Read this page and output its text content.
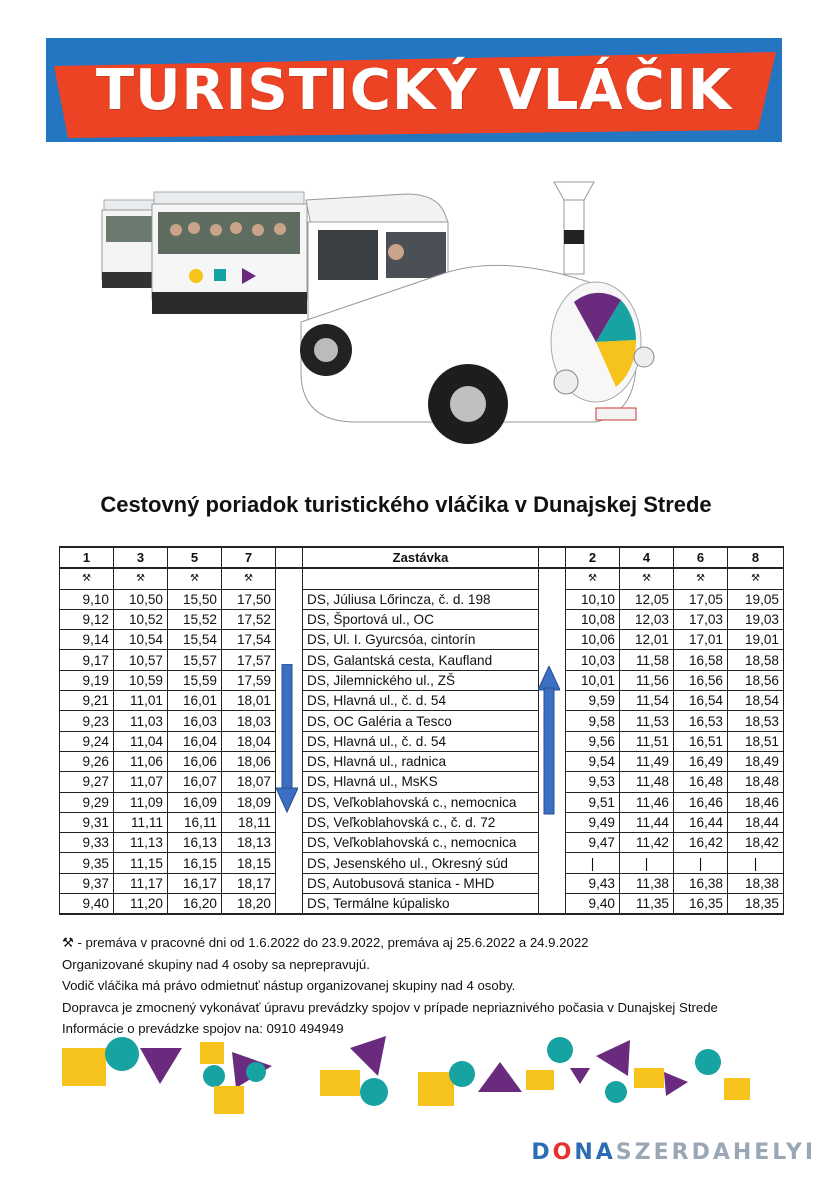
TURISTICKÝ VLÁČIK
Cestovný poriadok turistického vláčika v Dunajskej Strede
1	3	5	7		Zastávka		2	4	6	8
⚒	⚒	⚒	⚒				⚒	⚒	⚒	⚒
9,10	10,50	15,50	17,50		DS, Júliusa Lőrincza, č. d. 198		10,10	12,05	17,05	19,05
9,12	10,52	15,52	17,52		DS, Športová ul., OC		10,08	12,03	17,03	19,03
9,14	10,54	15,54	17,54		DS, Ul. I. Gyurcsóa, cintorín		10,06	12,01	17,01	19,01
9,17	10,57	15,57	17,57		DS, Galantská cesta, Kaufland		10,03	11,58	16,58	18,58
9,19	10,59	15,59	17,59		DS, Jilemnického ul., ZŠ		10,01	11,56	16,56	18,56
9,21	11,01	16,01	18,01		DS, Hlavná ul., č. d. 54		9,59	11,54	16,54	18,54
9,23	11,03	16,03	18,03		DS, OC Galéria a Tesco		9,58	11,53	16,53	18,53
9,24	11,04	16,04	18,04		DS, Hlavná ul., č. d. 54		9,56	11,51	16,51	18,51
9,26	11,06	16,06	18,06		DS, Hlavná ul., radnica		9,54	11,49	16,49	18,49
9,27	11,07	16,07	18,07		DS, Hlavná ul., MsKS		9,53	11,48	16,48	18,48
9,29	11,09	16,09	18,09		DS, Veľkoblahovská c., nemocnica		9,51	11,46	16,46	18,46
9,31	11,11	16,11	18,11		DS, Veľkoblahovská c., č. d. 72		9,49	11,44	16,44	18,44
9,33	11,13	16,13	18,13		DS, Veľkoblahovská c., nemocnica		9,47	11,42	16,42	18,42
9,35	11,15	16,15	18,15		DS, Jesenského ul., Okresný súd		|	|	|	|
9,37	11,17	16,17	18,17		DS, Autobusová stanica - MHD		9,43	11,38	16,38	18,38
9,40	11,20	16,20	18,20		DS, Termálne kúpalisko		9,40	11,35	16,35	18,35

⚒ - premáva v pracovné dni od 1.6.2022 do 23.9.2022, premáva aj 25.6.2022 a 24.9.2022

Organizované skupiny nad 4 osoby sa neprepravujú.

Vodič vláčika má právo odmietnuť nástup organizovanej skupiny nad 4 osoby.

Dopravca je zmocnený vykonávať úpravu prevádzky spojov v prípade nepriaznivého počasia v Dunajskej Strede

Informácie o prevádzke spojov na: 0910 494949

DONASZERDAHELYI
